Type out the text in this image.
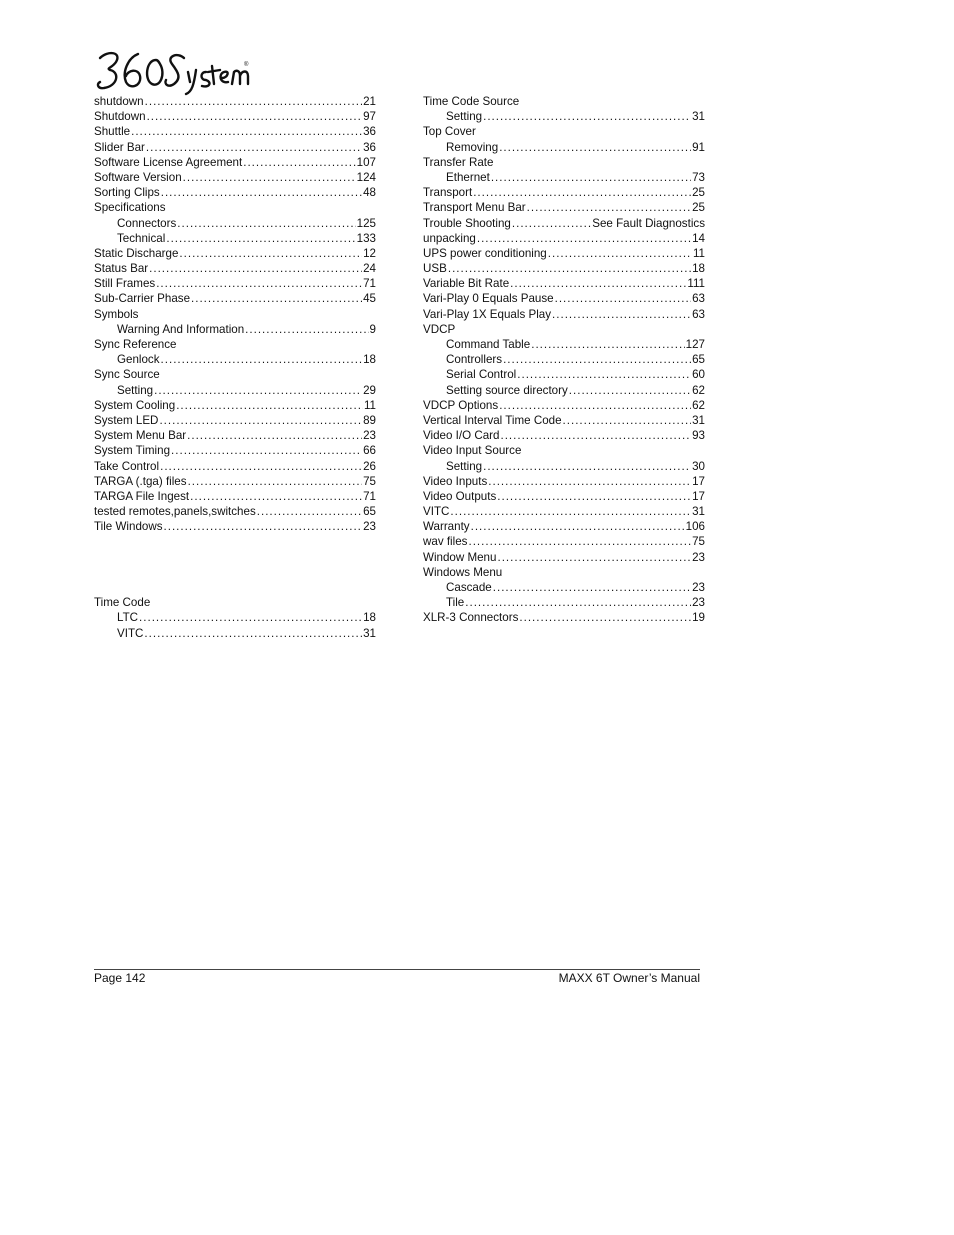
®
shutdown .....	21
Shutdown .....	97
Shuttle .....	36
Slider Bar .....	36
Software License Agreement .....	107
Software Version .....	124
Sorting Clips .....	48
Specifications
Connectors .....	125
Technical .....	133
Static Discharge .....	12
Status Bar .....	24
Still Frames .....	71
Sub-Carrier Phase .....	45
Symbols
Warning And Information .....	9
Sync Reference
Genlock .....	18
Sync Source
Setting .....	29
System Cooling .....	11
System LED .....	89
System Menu Bar .....	23
System Timing .....	66
Take Control .....	26
TARGA (.tga) files .....	75
TARGA File Ingest .....	71
tested remotes,panels,switches .....	65
Tile Windows .....	23
Time Code
LTC .....	18
VITC .....	31
Time Code Source
Setting .....	31
Top Cover
Removing .....	91
Transfer Rate
Ethernet .....	73
Transport .....	25
Transport Menu Bar .....	25
Trouble Shooting .....	See Fault Diagnostics
unpacking .....	14
UPS power conditioning .....	11
USB .....	18
Variable Bit Rate .....	111
Vari-Play 0 Equals Pause .....	63
Vari-Play 1X Equals Play .....	63
VDCP
Command Table .....	127
Controllers .....	65
Serial Control .....	60
Setting source directory .....	62
VDCP Options .....	62
Vertical Interval Time Code .....	31
Video I/O Card .....	93
Video Input Source
Setting .....	30
Video Inputs .....	17
Video Outputs .....	17
VITC .....	31
Warranty .....	106
wav files .....	75
Window Menu .....	23
Windows Menu
Cascade .....	23
Tile .....	23
XLR-3 Connectors .....	19
Page 142	MAXX 6T Owner’s Manual
